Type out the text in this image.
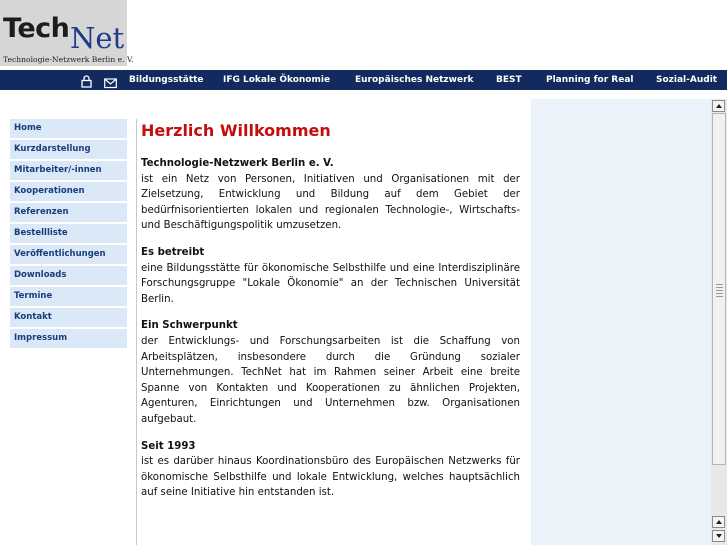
Tech Net
Technologie-Netzwerk Berlin e. V.
Bildungsstätte IFG Lokale Ökonomie	Europäisches Netzwerk	BEST	Planning for Real	Sozial-Audit
Home
Kurzdarstellung
Mitarbeiter/-innen
Kooperationen
Referenzen
Bestellliste
Veröffentlichungen
Downloads
Termine
Kontakt
Impressum
Herzlich Willkommen
Technologie-Netzwerk Berlin e. V.

ist ein Netz von Personen, Initiativen und Organisationen mit der Zielsetzung, Entwicklung und Bildung auf dem Gebiet der bedürfnisorientierten lokalen und regionalen Technologie-, Wirtschafts- und Beschäftigungspolitik umzusetzen.

Es betreibt

eine Bildungsstätte für ökonomische Selbsthilfe und eine Interdisziplinäre Forschungsgruppe "Lokale Ökonomie" an der Technischen Universität Berlin.

Ein Schwerpunkt

der Entwicklungs- und Forschungsarbeiten ist die Schaffung von Arbeitsplätzen, insbesondere durch die Gründung sozialer Unternehmungen. TechNet hat im Rahmen seiner Arbeit eine breite Spanne von Kontakten und Kooperationen zu ähnlichen Projekten, Agenturen, Einrichtungen und Unternehmen bzw. Organisationen aufgebaut.

Seit 1993

ist es darüber hinaus Koordinationsbüro des Europäischen Netzwerks für ökonomische Selbsthilfe und lokale Entwicklung, welches hauptsächlich auf seine Initiative hin entstanden ist.
